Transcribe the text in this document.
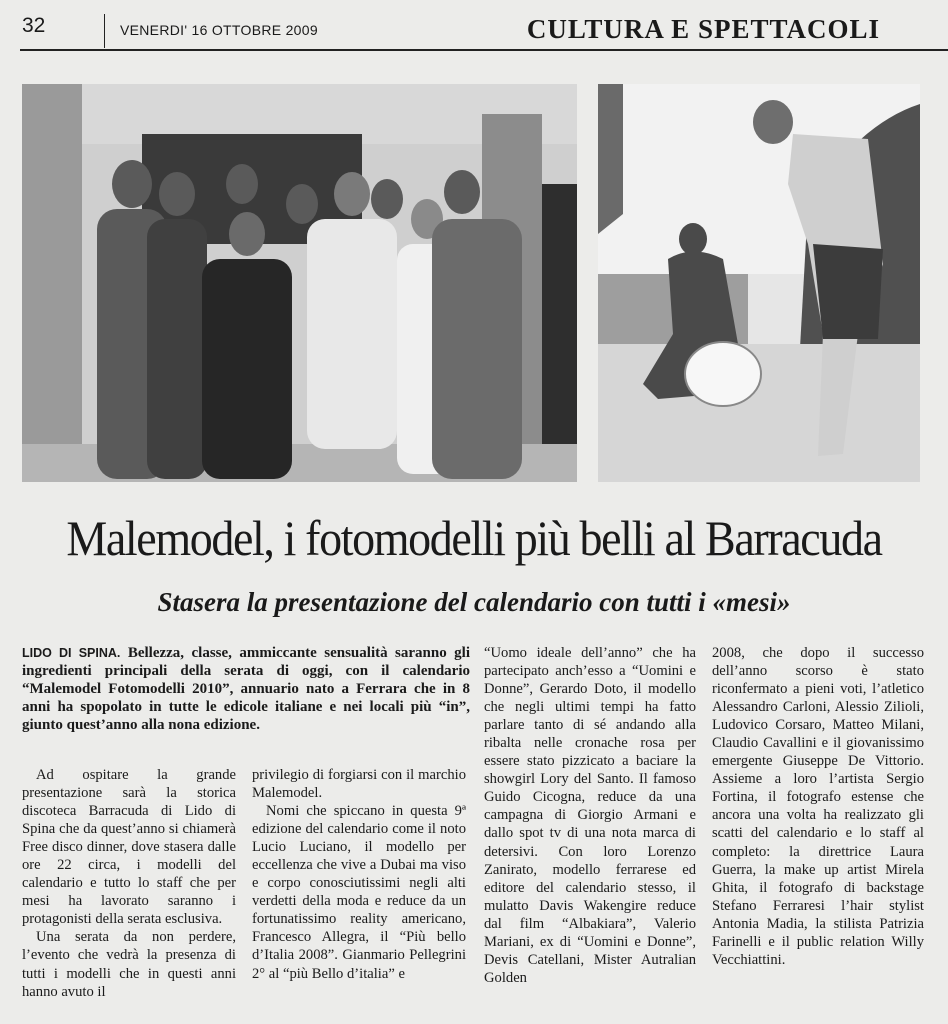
32	VENERDI' 16 OTTOBRE 2009	CULTURA E SPETTACOLI
Malemodel, i fotomodelli più belli al Barracuda
Stasera la presentazione del calendario con tutti i «mesi»
LIDO DI SPINA. Bellezza, classe, ammiccante sensualità saranno gli ingredienti principali della serata di oggi, con il calendario “Malemodel Fotomodelli 2010”, annuario nato a Ferrara che in 8 anni ha spopolato in tutte le edicole italiane e nei locali più “in”, giunto quest’anno alla nona edizione.

Ad ospitare la grande presentazione sarà la storica discoteca Barracuda di Lido di Spina che da quest’anno si chiamerà Free disco dinner, dove stasera dalle ore 22 circa, i modelli del calendario e tutto lo staff che per mesi ha lavorato saranno i protagonisti della serata esclusiva.

Una serata da non perdere, l’evento che vedrà la presenza di tutti i modelli che in questi anni hanno avuto il

privilegio di forgiarsi con il marchio Malemodel.

Nomi che spiccano in questa 9ª edizione del calendario come il noto Lucio Luciano, il modello per eccellenza che vive a Dubai ma viso e corpo conosciutissimi negli alti verdetti della moda e reduce da un fortunatissimo reality americano, Francesco Allegra, il “Più bello d’Italia 2008”. Gianmario Pellegrini 2° al “più Bello d’italia” e

“Uomo ideale dell’anno” che ha partecipato anch’esso a “Uomini e Donne”, Gerardo Doto, il modello che negli ultimi tempi ha fatto parlare tanto di sé andando alla ribalta nelle cronache rosa per essere stato pizzicato a baciare la showgirl Lory del Santo. Il famoso Guido Cicogna, reduce da una campagna di Giorgio Armani e dallo spot tv di una nota marca di detersivi. Con loro Lorenzo Zanirato, modello ferrarese ed editore del calendario stesso, il mulatto Davis Wakengire reduce dal film “Albakiara”, Valerio Mariani, ex di “Uomini e Donne”, Devis Catellani, Mister Autralian Golden

2008, che dopo il successo dell’anno scorso è stato riconfermato a pieni voti, l’atletico Alessandro Carloni, Alessio Zilioli, Ludovico Corsaro, Matteo Milani, Claudio Cavallini e il giovanissimo emergente Giuseppe De Vittorio. Assieme a loro l’artista Sergio Fortina, il fotografo estense che ancora una volta ha realizzato gli scatti del calendario e lo staff al completo: la direttrice Laura Guerra, la make up artist Mirela Ghita, il fotografo di backstage Stefano Ferraresi l’hair stylist Antonia Madia, la stilista Patrizia Farinelli e il public relation Willy Vecchiattini.
